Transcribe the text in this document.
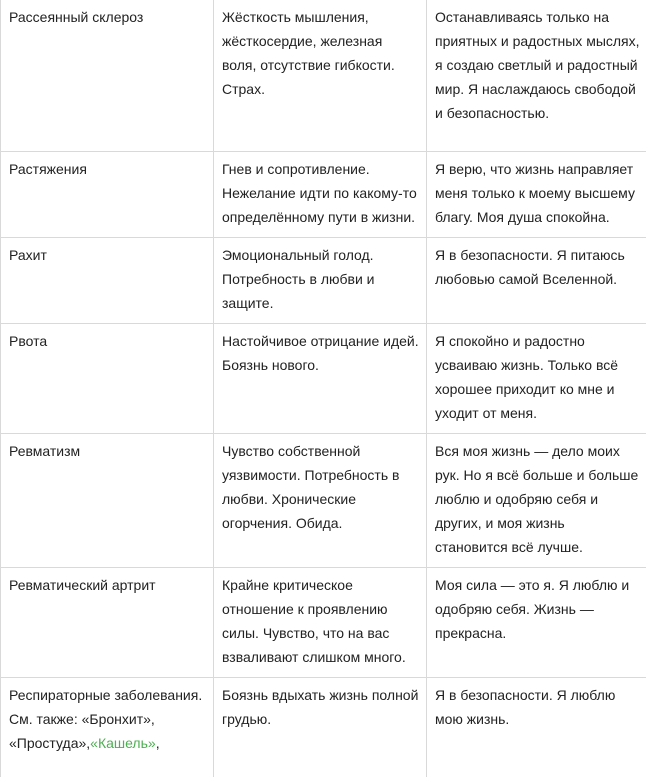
Рассеянный склероз	Жёсткость мышления, жёсткосердие, железная воля, отсутствие гибкости. Страх.	Останавливаясь только на приятных и радостных мыслях, я создаю светлый и радостный мир. Я наслаждаюсь свободой и безопасностью.
Растяжения	Гнев и сопротивление. Нежелание идти по какому-то определённому пути в жизни.	Я верю, что жизнь направляет меня только к моему высшему благу. Моя душа спокойна.
Рахит	Эмоциональный голод. Потребность в любви и защите.	Я в безопасности. Я питаюсь любовью самой Вселенной.
Рвота	Настойчивое отрицание идей. Боязнь нового.	Я спокойно и радостно усваиваю жизнь. Только всё хорошее приходит ко мне и уходит от меня.
Ревматизм	Чувство собственной уязвимости. Потребность в любви. Хронические огорчения. Обида.	Вся моя жизнь — дело моих рук. Но я всё больше и больше люблю и одобряю себя и других, и моя жизнь становится всё лучше.
Ревматический артрит	Крайне критическое отношение к проявлению силы. Чувство, что на вас взваливают слишком много.	Моя сила — это я. Я люблю и одобряю себя. Жизнь — прекрасна.
Респираторные заболевания. См. также: «Бронхит», «Простуда»,«Кашель»,	Боязнь вдыхать жизнь полной грудью.	Я в безопасности. Я люблю мою жизнь.
